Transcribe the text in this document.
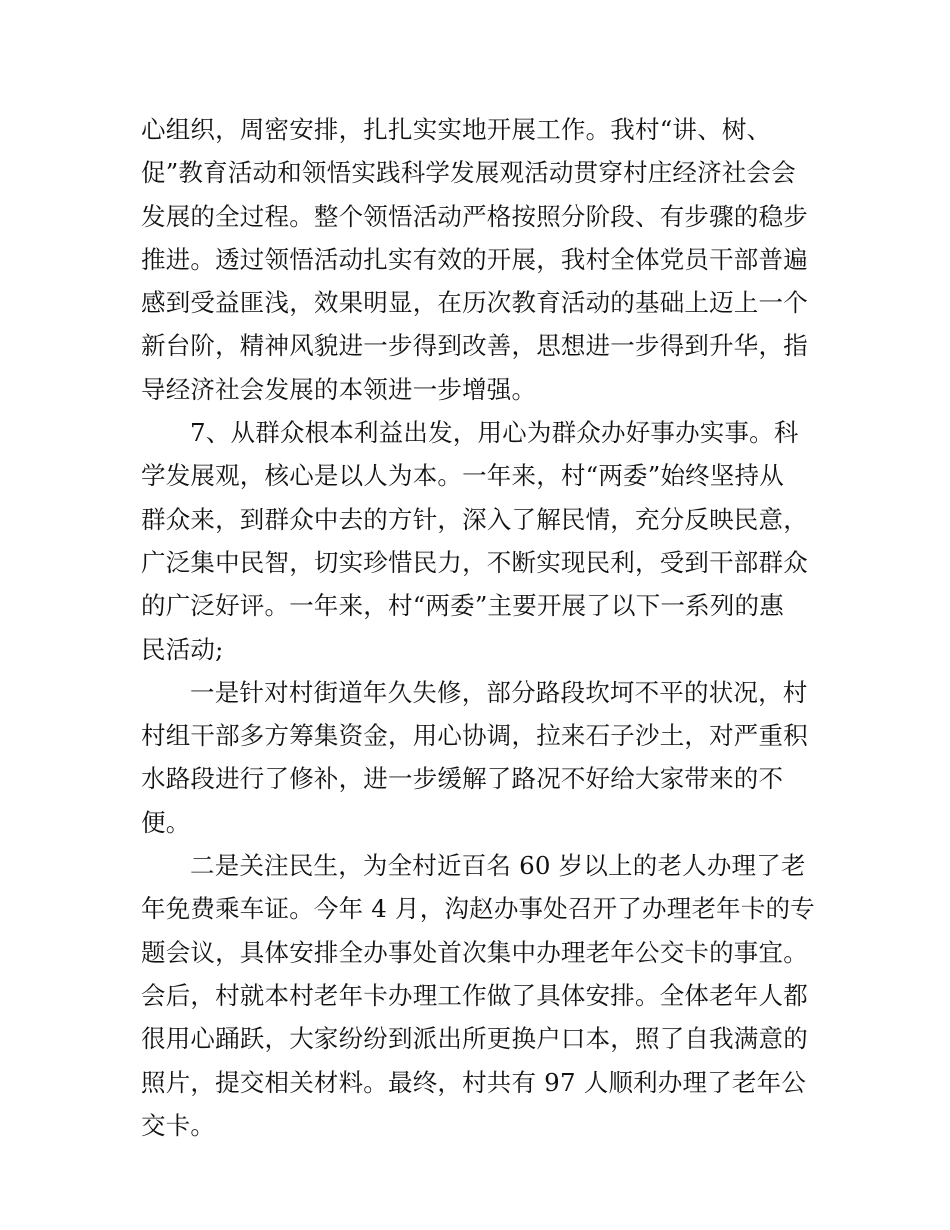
心组织，周密安排，扎扎实实地开展工作。我村“讲、树、
促”教育活动和领悟实践科学发展观活动贯穿村庄经济社会会
发展的全过程。整个领悟活动严格按照分阶段、有步骤的稳步
推进。透过领悟活动扎实有效的开展，我村全体党员干部普遍
感到受益匪浅，效果明显，在历次教育活动的基础上迈上一个
新台阶，精神风貌进一步得到改善，思想进一步得到升华，指
导经济社会发展的本领进一步增强。
7、从群众根本利益出发，用心为群众办好事办实事。科
学发展观，核心是以人为本。一年来，村“两委”始终坚持从
群众来，到群众中去的方针，深入了解民情，充分反映民意，
广泛集中民智，切实珍惜民力，不断实现民利，受到干部群众
的广泛好评。一年来，村“两委”主要开展了以下一系列的惠
民活动;
一是针对村街道年久失修，部分路段坎坷不平的状况，村
村组干部多方筹集资金，用心协调，拉来石子沙土，对严重积
水路段进行了修补，进一步缓解了路况不好给大家带来的不
便。
二是关注民生，为全村近百名 60 岁以上的老人办理了老
年免费乘车证。今年 4 月，沟赵办事处召开了办理老年卡的专
题会议，具体安排全办事处首次集中办理老年公交卡的事宜。
会后，村就本村老年卡办理工作做了具体安排。全体老年人都
很用心踊跃，大家纷纷到派出所更换户口本，照了自我满意的
照片，提交相关材料。最终，村共有 97 人顺利办理了老年公
交卡。
